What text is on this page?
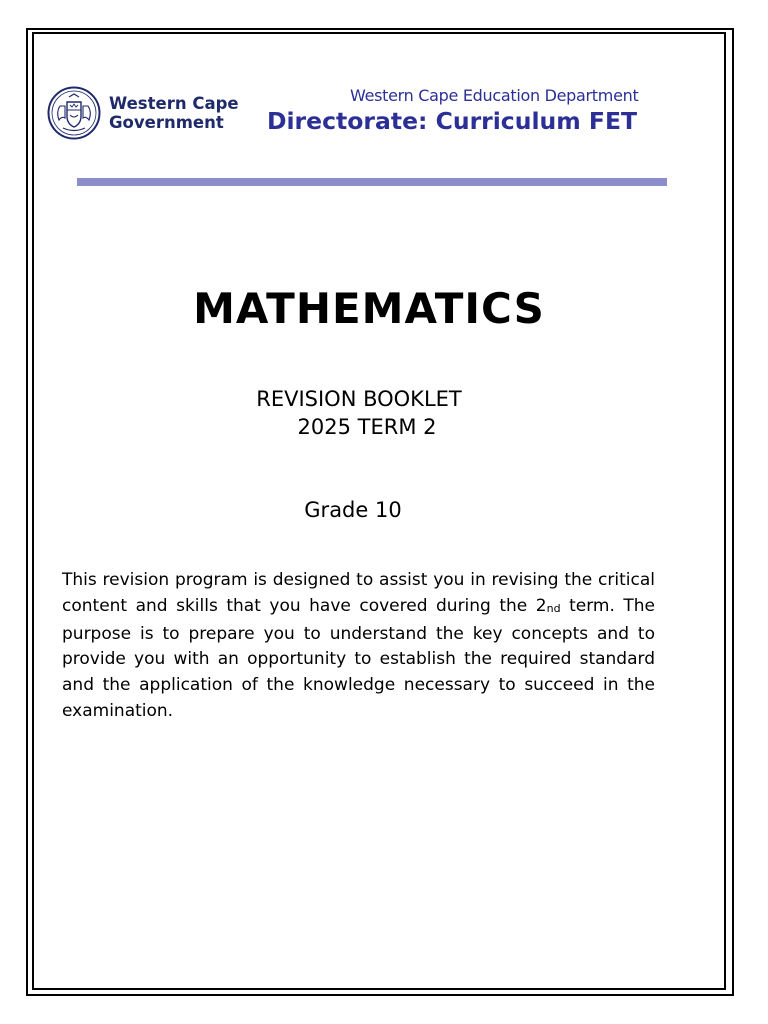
Western Cape
Government
Western Cape Education Department
Directorate: Curriculum FET
MATHEMATICS
REVISION BOOKLET
2025 TERM 2
Grade 10
This revision program is designed to assist you in revising the critical content and skills that you have covered during the $2_{nd}$ term. The purpose is to prepare you to understand the key concepts and to provide you with an opportunity to establish the required standard and the application of the knowledge necessary to succeed in the examination.
